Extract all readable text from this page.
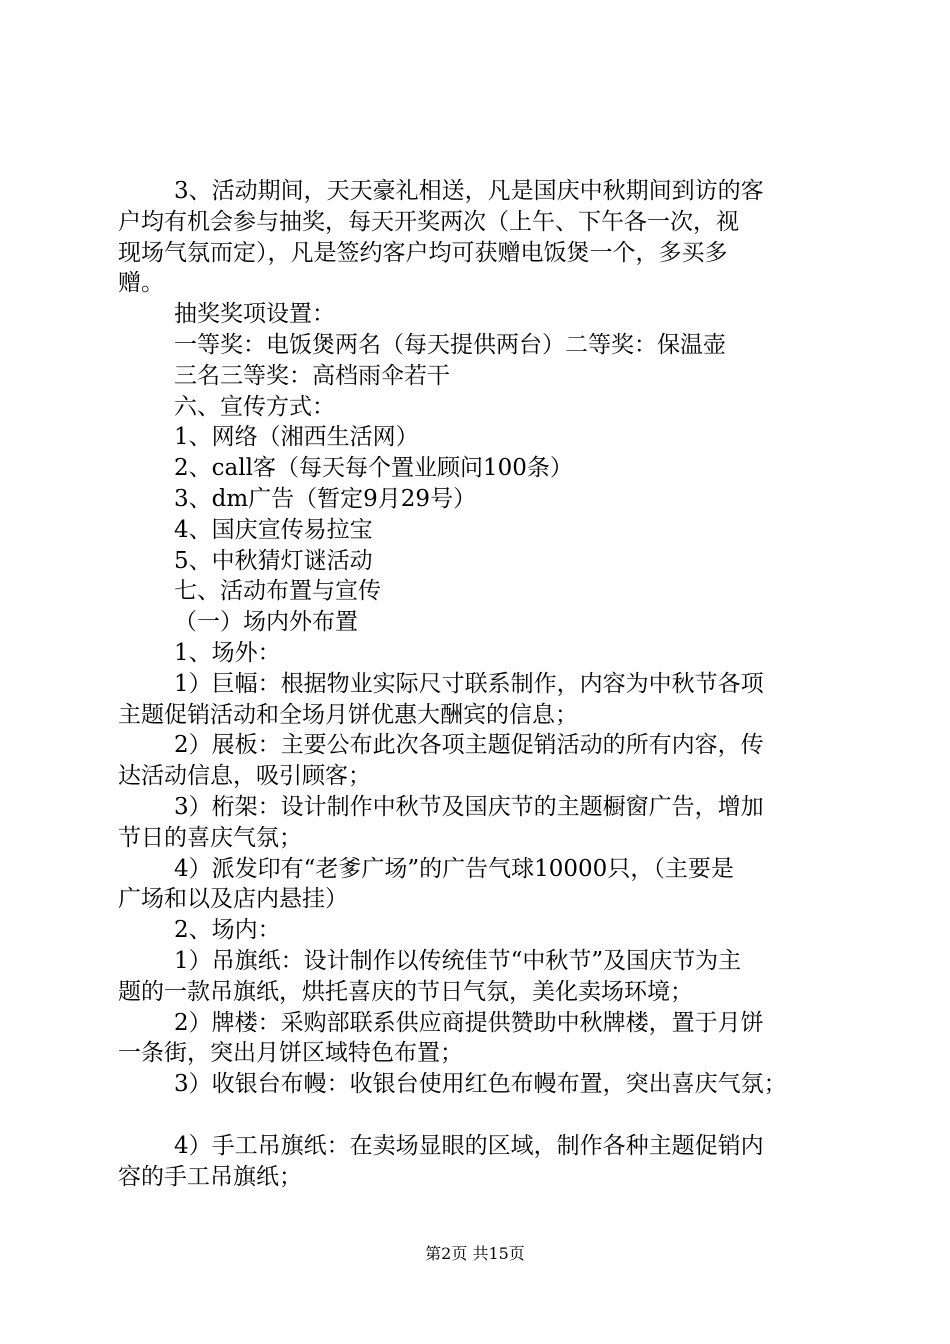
3、活动期间，天天豪礼相送，凡是国庆中秋期间到访的客
户均有机会参与抽奖，每天开奖两次（上午、下午各一次，视
现场气氛而定），凡是签约客户均可获赠电饭煲一个，多买多
赠。
抽奖奖项设置：
一等奖：电饭煲两名（每天提供两台）二等奖：保温壶
三名三等奖：高档雨伞若干
六、宣传方式：
1、网络（湘西生活网）
2、call客（每天每个置业顾问100条）
3、dm广告（暂定9月29号）
4、国庆宣传易拉宝
5、中秋猜灯谜活动
七、活动布置与宣传
（一）场内外布置
1、场外：
1）巨幅：根据物业实际尺寸联系制作，内容为中秋节各项
主题促销活动和全场月饼优惠大酬宾的信息；
2）展板：主要公布此次各项主题促销活动的所有内容，传
达活动信息，吸引顾客；
3）桁架：设计制作中秋节及国庆节的主题橱窗广告，增加
节日的喜庆气氛；
4）派发印有“老爹广场”的广告气球10000只，（主要是
广场和以及店内悬挂）
2、场内：
1）吊旗纸：设计制作以传统佳节“中秋节”及国庆节为主
题的一款吊旗纸，烘托喜庆的节日气氛，美化卖场环境；
2）牌楼：采购部联系供应商提供赞助中秋牌楼，置于月饼
一条街，突出月饼区域特色布置；
3）收银台布幔：收银台使用红色布幔布置，突出喜庆气氛；
4）手工吊旗纸：在卖场显眼的区域，制作各种主题促销内
容的手工吊旗纸；
第2页 共15页
